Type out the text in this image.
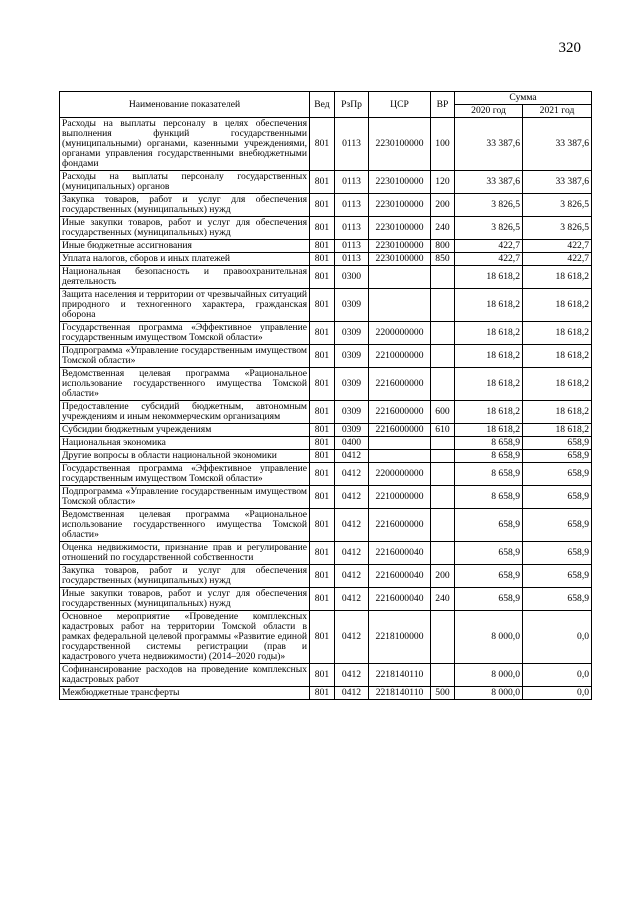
320
Наименование показателей	Вед	РзПр	ЦСР	ВР	Сумма	
					2020 год	2021 год
Расходы на выплаты персоналу в целях обеспечения выполнения функций государственными (муниципальными) органами, казенными учреждениями, органами управления государственными внебюджетными фондами	801	0113	2230100000	100	33 387,6	33 387,6
Расходы на выплаты персоналу государственных (муниципальных) органов	801	0113	2230100000	120	33 387,6	33 387,6
Закупка товаров, работ и услуг для обеспечения государственных (муниципальных) нужд	801	0113	2230100000	200	3 826,5	3 826,5
Иные закупки товаров, работ и услуг для обеспечения государственных (муниципальных) нужд	801	0113	2230100000	240	3 826,5	3 826,5
Иные бюджетные ассигнования	801	0113	2230100000	800	422,7	422,7
Уплата налогов, сборов и иных платежей	801	0113	2230100000	850	422,7	422,7
Национальная безопасность и правоохранительная деятельность	801	0300			18 618,2	18 618,2
Защита населения и территории от чрезвычайных ситуаций природного и техногенного характера, гражданская оборона	801	0309			18 618,2	18 618,2
Государственная программа «Эффективное управление государственным имуществом Томской области»	801	0309	2200000000		18 618,2	18 618,2
Подпрограмма «Управление государственным имуществом Томской области»	801	0309	2210000000		18 618,2	18 618,2
Ведомственная целевая программа «Рациональное использование государственного имущества Томской области»	801	0309	2216000000		18 618,2	18 618,2
Предоставление субсидий бюджетным, автономным учреждениям и иным некоммерческим организациям	801	0309	2216000000	600	18 618,2	18 618,2
Субсидии бюджетным учреждениям	801	0309	2216000000	610	18 618,2	18 618,2
Национальная экономика	801	0400			8 658,9	658,9
Другие вопросы в области национальной экономики	801	0412			8 658,9	658,9
Государственная программа «Эффективное управление государственным имуществом Томской области»	801	0412	2200000000		8 658,9	658,9
Подпрограмма «Управление государственным имуществом Томской области»	801	0412	2210000000		8 658,9	658,9
Ведомственная целевая программа «Рациональное использование государственного имущества Томской области»	801	0412	2216000000		658,9	658,9
Оценка недвижимости, признание прав и регулирование отношений по государственной собственности	801	0412	2216000040		658,9	658,9
Закупка товаров, работ и услуг для обеспечения государственных (муниципальных) нужд	801	0412	2216000040	200	658,9	658,9
Иные закупки товаров, работ и услуг для обеспечения государственных (муниципальных) нужд	801	0412	2216000040	240	658,9	658,9
Основное мероприятие «Проведение комплексных кадастровых работ на территории Томской области в рамках федеральной целевой программы «Развитие единой государственной системы регистрации (прав и кадастрового учета недвижимости) (2014–2020 годы)»	801	0412	2218100000		8 000,0	0,0
Софинансирование расходов на проведение комплексных кадастровых работ	801	0412	2218140110		8 000,0	0,0
Межбюджетные трансферты	801	0412	2218140110	500	8 000,0	0,0
